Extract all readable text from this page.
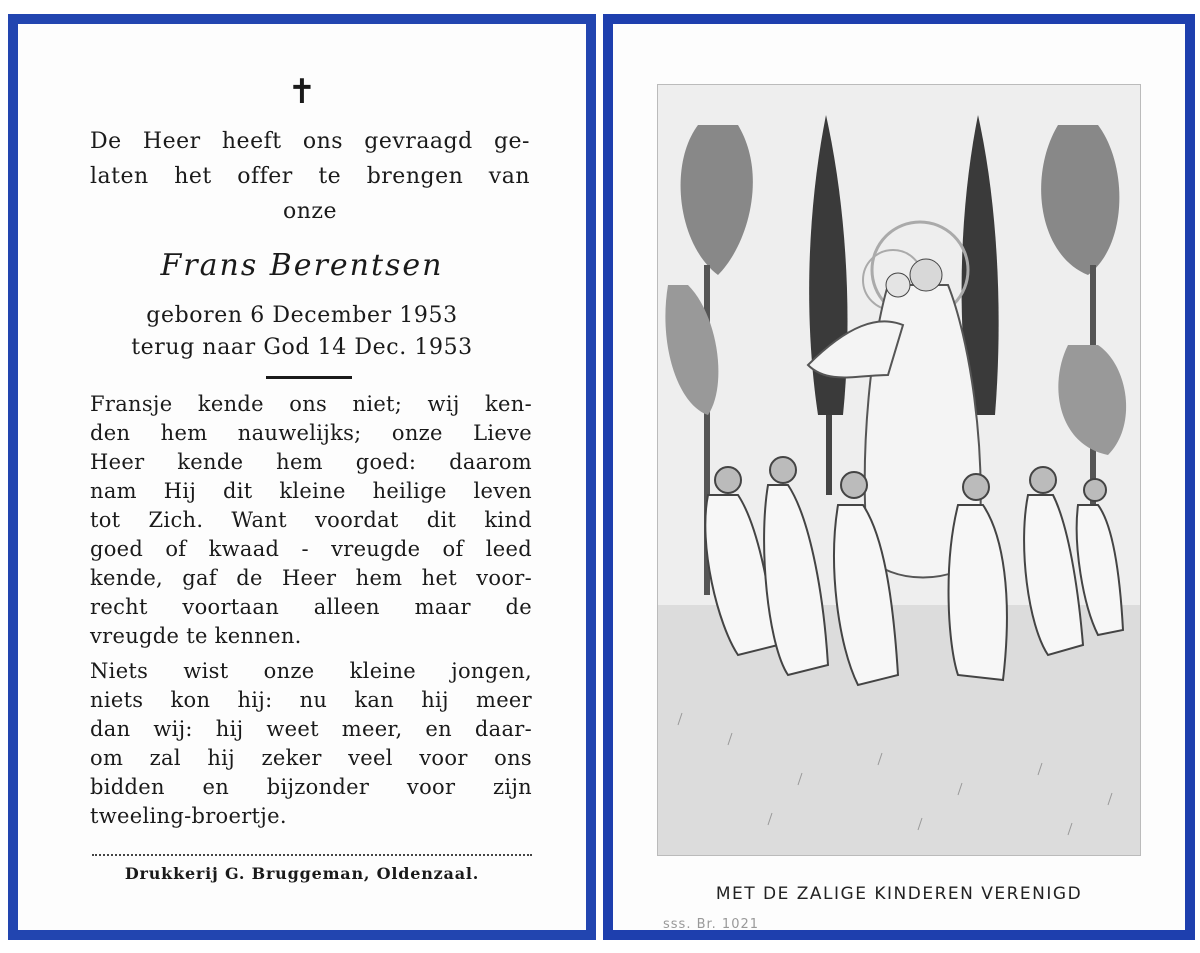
✝
De Heer heeft ons gevraagd ge-
laten het offer te brengen van
onze
Frans Berentsen
geboren 6 December 1953
terug naar God 14 Dec. 1953
Fransje kende ons niet; wij ken-
den hem nauwelijks; onze Lieve
Heer kende hem goed: daarom
nam Hij dit kleine heilige leven
tot Zich. Want voordat dit kind
goed of kwaad - vreugde of leed
kende, gaf de Heer hem het voor-
recht voortaan alleen maar de
vreugde te kennen.
Niets wist onze kleine jongen,
niets kon hij: nu kan hij meer
dan wij: hij weet meer, en daar-
om zal hij zeker veel voor ons
bidden en bijzonder voor zijn
tweeling-broertje.
Drukkerij G. Bruggeman, Oldenzaal.
MET DE ZALIGE KINDEREN VERENIGD
sss. Br. 1021
